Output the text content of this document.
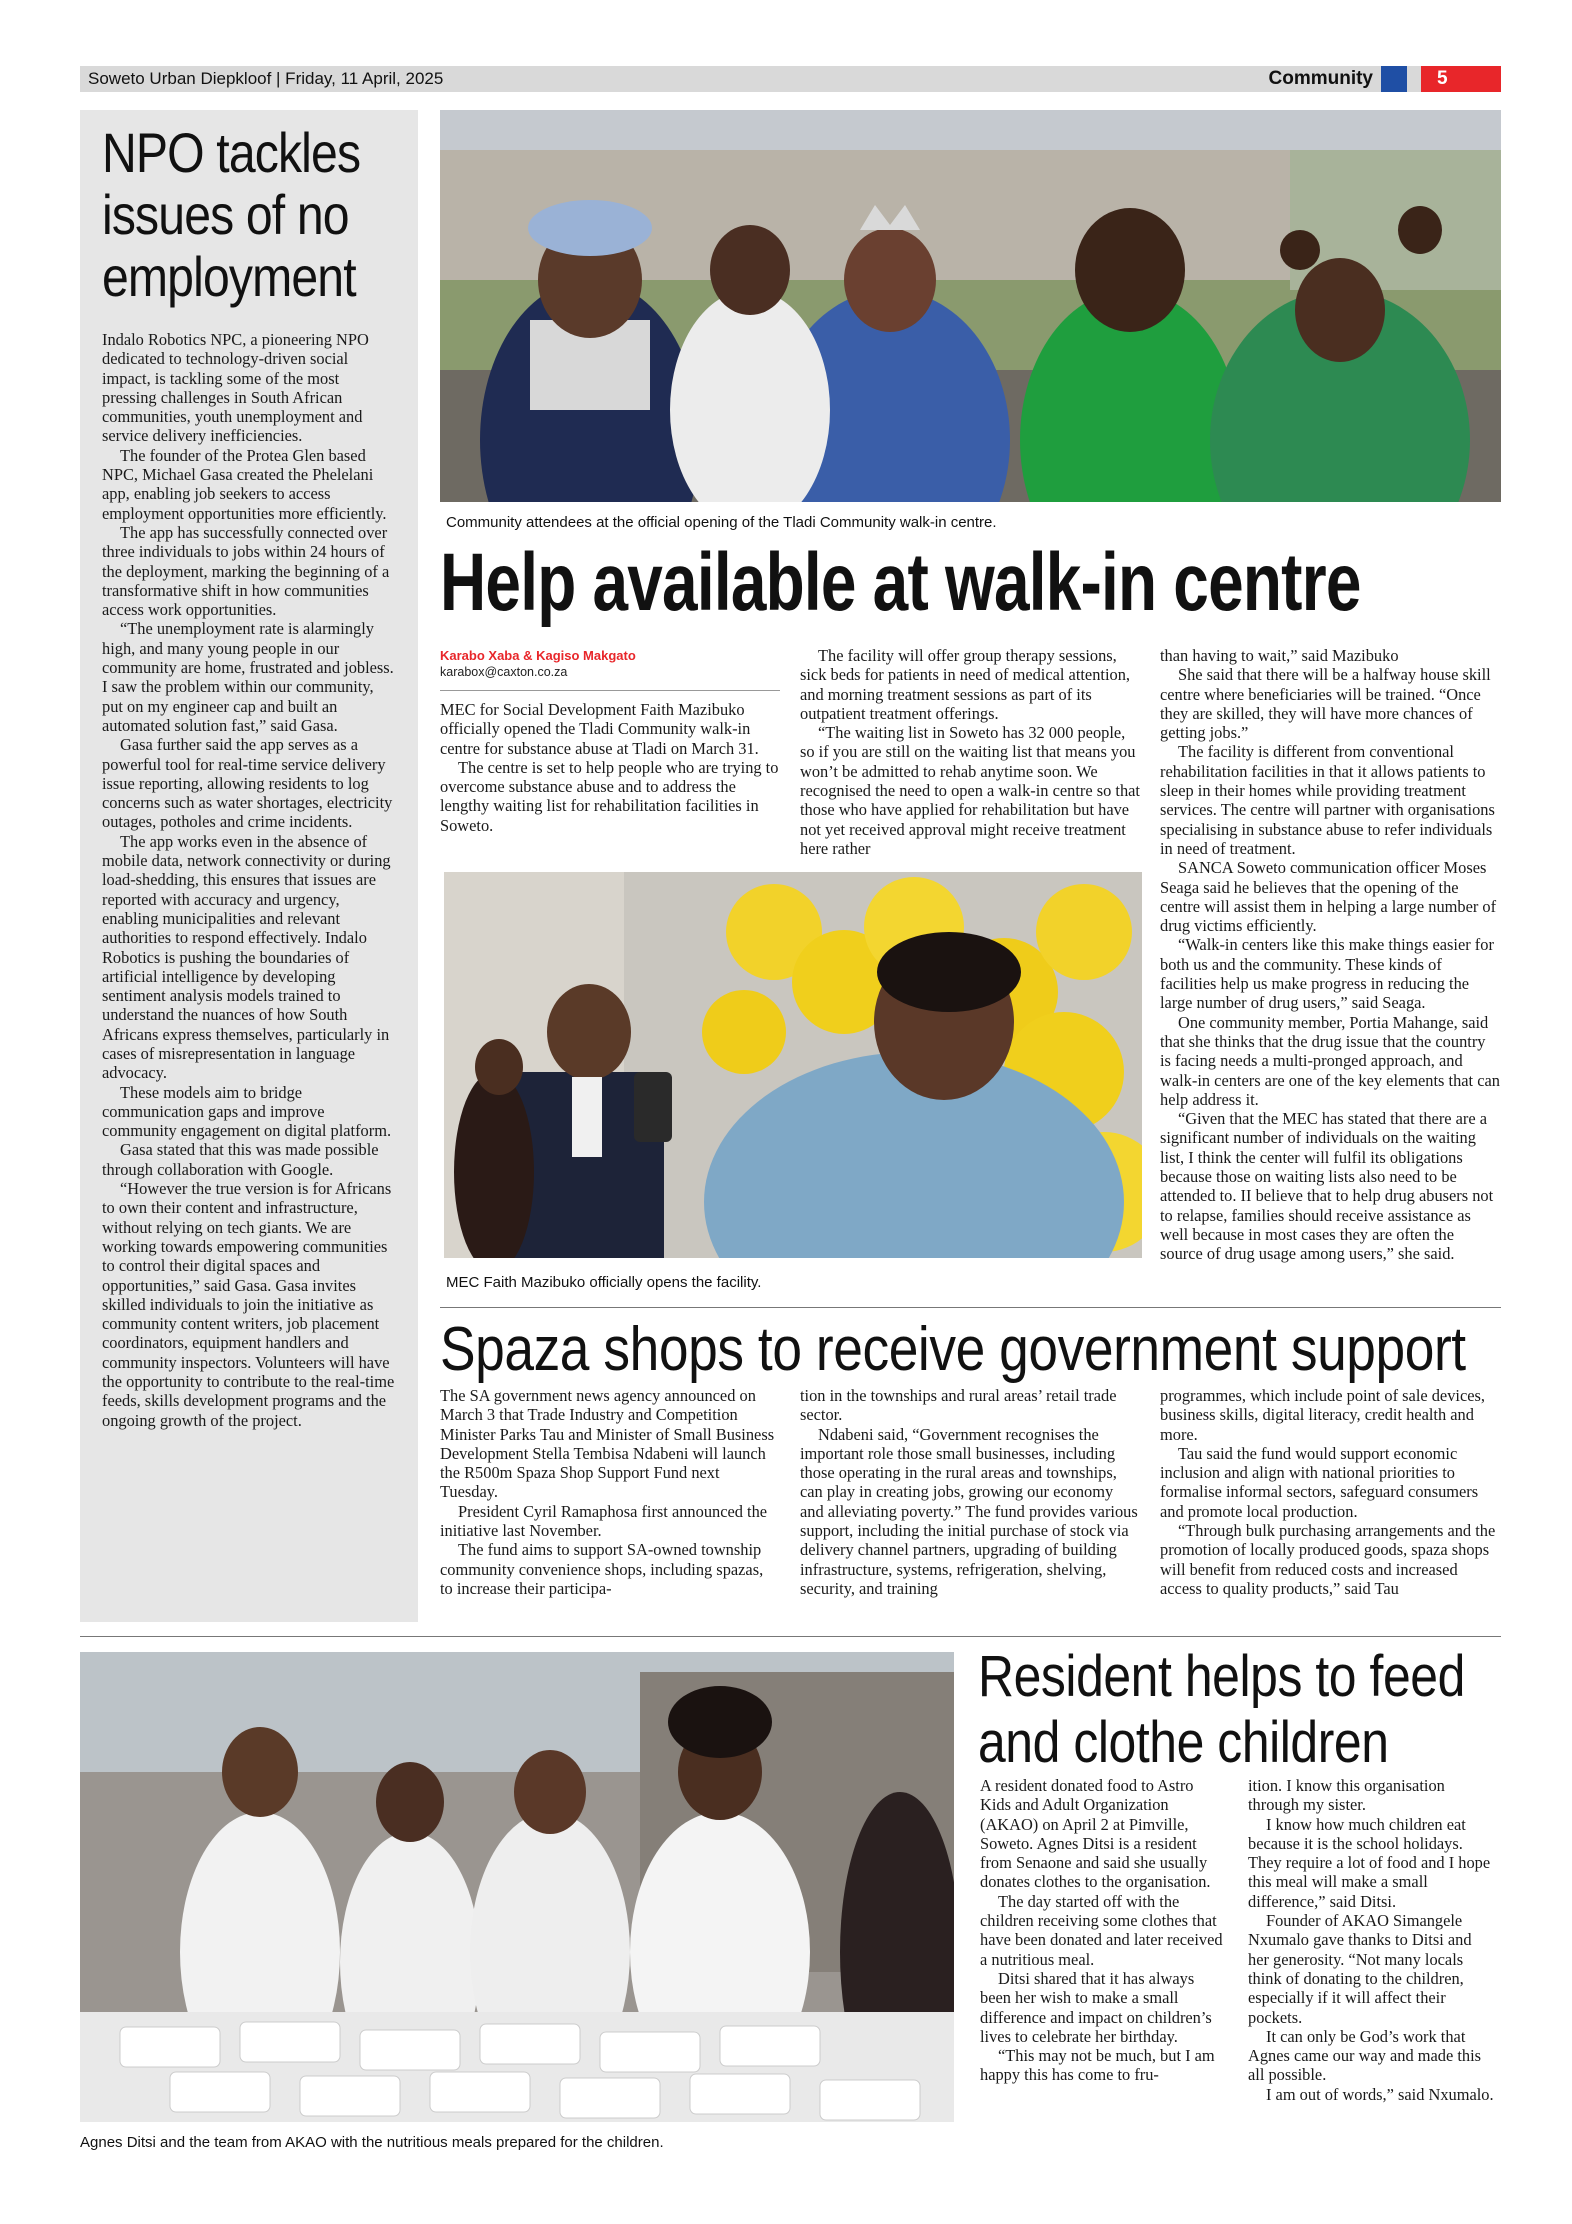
Soweto Urban Diepkloof | Friday, 11 April, 2025	Community	5
NPO tackles issues of no employment

Indalo Robotics NPC, a pioneering NPO dedicated to technology-driven social impact, is tackling some of the most pressing challenges in South African communities, youth unemployment and service delivery inefficiencies.

The founder of the Protea Glen based NPC, Michael Gasa created the Phelelani app, enabling job seekers to access employment opportunities more efficiently.

The app has successfully connected over three individuals to jobs within 24 hours of the deployment, marking the beginning of a transformative shift in how communities access work opportunities.

“The unemployment rate is alarmingly high, and many young people in our community are home, frustrated and jobless. I saw the problem within our community, put on my engineer cap and built an automated solution fast,” said Gasa.

Gasa further said the app serves as a powerful tool for real-time service delivery issue reporting, allowing residents to log concerns such as water shortages, electricity outages, potholes and crime incidents.

The app works even in the absence of mobile data, network connectivity or during load-shedding, this ensures that issues are reported with accuracy and urgency, enabling municipalities and relevant authorities to respond effectively. Indalo Robotics is pushing the boundaries of artificial intelligence by developing sentiment analysis models trained to understand the nuances of how South Africans express themselves, particularly in cases of misrepresentation in language advocacy.

These models aim to bridge communication gaps and improve community engagement on digital platform.

Gasa stated that this was made possible through collaboration with Google.

“However the true version is for Africans to own their content and infrastructure, without relying on tech giants. We are working towards empowering communities to control their digital spaces and opportunities,” said Gasa. Gasa invites skilled individuals to join the initiative as community content writers, job placement coordinators, equipment handlers and community inspectors. Volunteers will have the opportunity to contribute to the real-time feeds, skills development programs and the ongoing growth of the project.

Community attendees at the official opening of the Tladi Community walk-in centre.
Help available at walk-in centre
Karabo Xaba & Kagiso Makgato
karabox@caxton.co.za

MEC for Social Development Faith Mazibuko officially opened the Tladi Community walk-in centre for substance abuse at Tladi on March 31.

The centre is set to help people who are trying to overcome substance abuse and to address the lengthy waiting list for rehabilitation facilities in Soweto.

The facility will offer group therapy sessions, sick beds for patients in need of medical attention, and morning treatment sessions as part of its outpatient treatment offerings.

“The waiting list in Soweto has 32 000 people, so if you are still on the waiting list that means you won’t be admitted to rehab anytime soon. We recognised the need to open a walk-in centre so that those who have applied for rehabilitation but have not yet received approval might receive treatment here rather

than having to wait,” said Mazibuko

She said that there will be a halfway house skill centre where beneficiaries will be trained. “Once they are skilled, they will have more chances of getting jobs.”

The facility is different from conventional rehabilitation facilities in that it allows patients to sleep in their homes while providing treatment services. The centre will partner with organisations specialising in substance abuse to refer individuals in need of treatment.

SANCA Soweto communication officer Moses Seaga said he believes that the opening of the centre will assist them in helping a large number of drug victims efficiently.

“Walk-in centers like this make things easier for both us and the community. These kinds of facilities help us make progress in reducing the large number of drug users,” said Seaga.

One community member, Portia Mahange, said that she thinks that the drug issue that the country is facing needs a multi-pronged approach, and walk-in centers are one of the key elements that can help address it.

“Given that the MEC has stated that there are a significant number of individuals on the waiting list, I think the center will fulfil its obligations because those on waiting lists also need to be attended to. II believe that to help drug abusers not to relapse, families should receive assistance as well because in most cases they are often the source of drug usage among users,” she said.

MEC Faith Mazibuko officially opens the facility.
Spaza shops to receive government support

The SA government news agency announced on March 3 that Trade Industry and Competition Minister Parks Tau and Minister of Small Business Development Stella Tembisa Ndabeni will launch the R500m Spaza Shop Support Fund next Tuesday.

President Cyril Ramaphosa first announced the initiative last November.

The fund aims to support SA-owned township community convenience shops, including spazas, to increase their participa-

tion in the townships and rural areas’ retail trade sector.

Ndabeni said, “Government recognises the important role those small businesses, including those operating in the rural areas and townships, can play in creating jobs, growing our economy and alleviating poverty.” The fund provides various support, including the initial purchase of stock via delivery channel partners, upgrading of building infrastructure, systems, refrigeration, shelving, security, and training

programmes, which include point of sale devices, business skills, digital literacy, credit health and more.

Tau said the fund would support economic inclusion and align with national priorities to formalise informal sectors, safeguard consumers and promote local production.

“Through bulk purchasing arrangements and the promotion of locally produced goods, spaza shops will benefit from reduced costs and increased access to quality products,” said Tau

Agnes Ditsi and the team from AKAO with the nutritious meals prepared for the children.
Resident helps to feed
and clothe children

A resident donated food to Astro Kids and Adult Organization (AKAO) on April 2 at Pimville, Soweto. Agnes Ditsi is a resident from Senaone and said she usually donates clothes to the organisation.

The day started off with the children receiving some clothes that have been donated and later received a nutritious meal.

Ditsi shared that it has always been her wish to make a small difference and impact on children’s lives to celebrate her birthday.

“This may not be much, but I am happy this has come to fru-

ition. I know this organisation through my sister.

I know how much children eat because it is the school holidays. They require a lot of food and I hope this meal will make a small difference,” said Ditsi.

Founder of AKAO Simangele Nxumalo gave thanks to Ditsi and her generosity. “Not many locals think of donating to the children, especially if it will affect their pockets.

It can only be God’s work that Agnes came our way and made this all possible.

I am out of words,” said Nxumalo.
